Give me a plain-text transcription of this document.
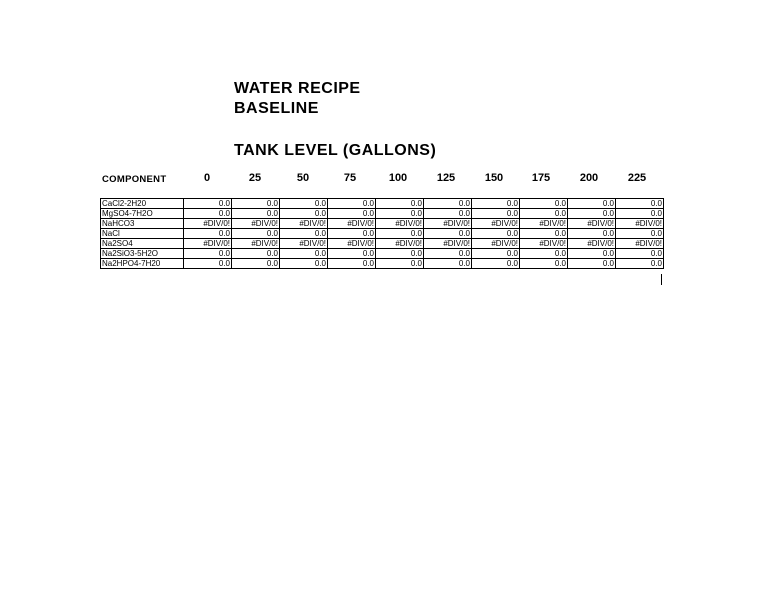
WATER RECIPE
BASELINE
TANK LEVEL (GALLONS)
COMPONENT	0	25	50	75	100	125	150	175	200	225
CaCl2-2H20	0.0	0.0	0.0	0.0	0.0	0.0	0.0	0.0	0.0	0.0
MgSO4-7H2O	0.0	0.0	0.0	0.0	0.0	0.0	0.0	0.0	0.0	0.0
NaHCO3	#DIV/0!	#DIV/0!	#DIV/0!	#DIV/0!	#DIV/0!	#DIV/0!	#DIV/0!	#DIV/0!	#DIV/0!	#DIV/0!
NaCl	0.0	0.0	0.0	0.0	0.0	0.0	0.0	0.0	0.0	0.0
Na2SO4	#DIV/0!	#DIV/0!	#DIV/0!	#DIV/0!	#DIV/0!	#DIV/0!	#DIV/0!	#DIV/0!	#DIV/0!	#DIV/0!
Na2SiO3-5H2O	0.0	0.0	0.0	0.0	0.0	0.0	0.0	0.0	0.0	0.0
Na2HPO4-7H20	0.0	0.0	0.0	0.0	0.0	0.0	0.0	0.0	0.0	0.0
